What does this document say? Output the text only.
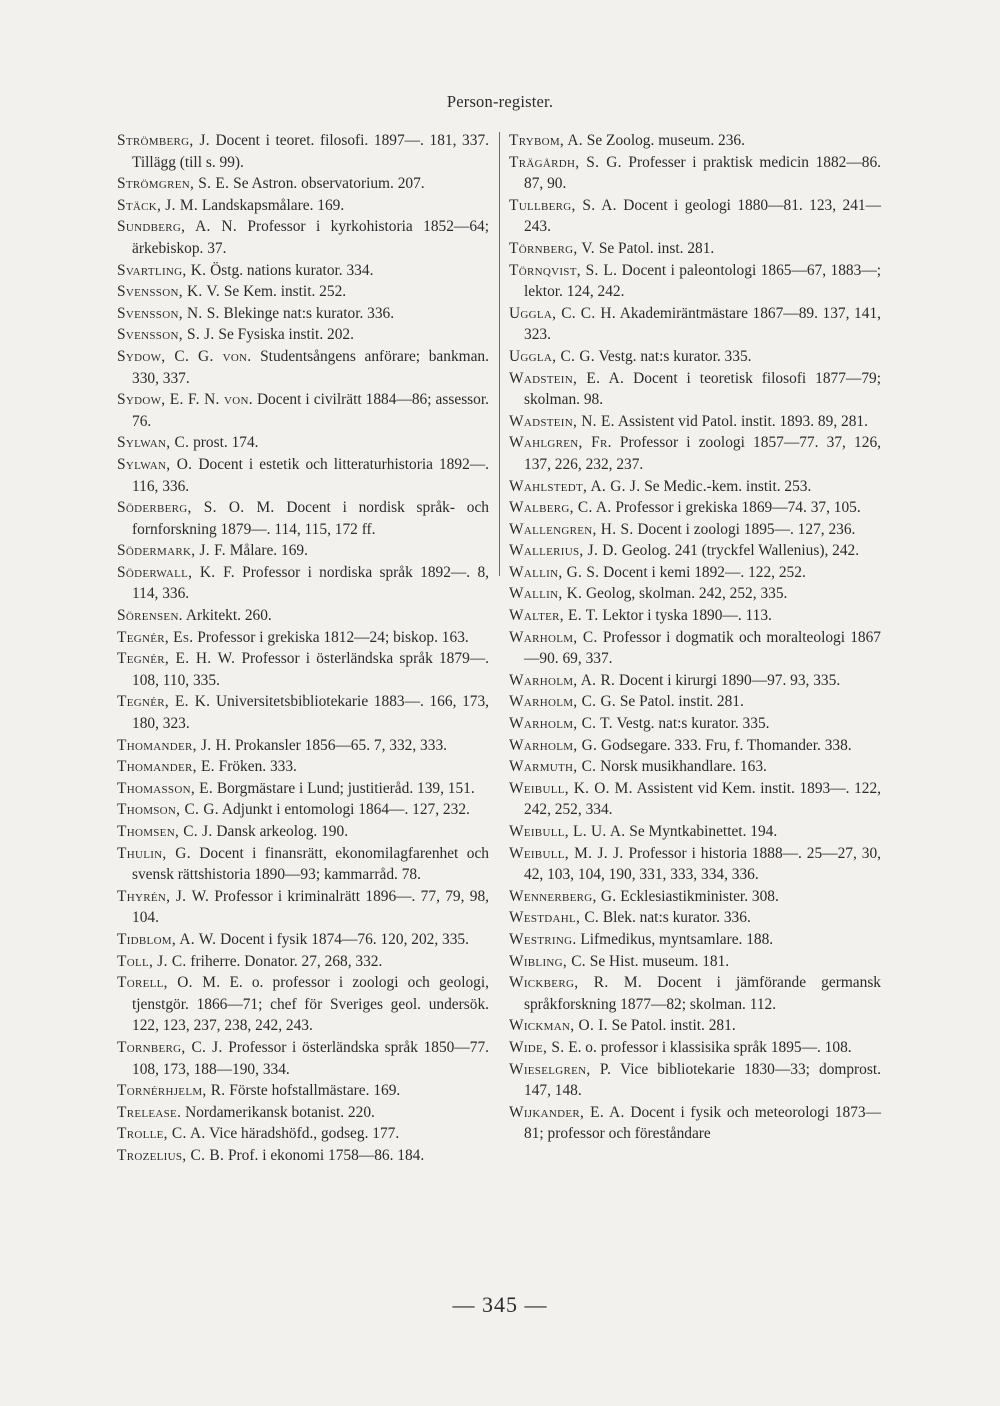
Person-register.

Strömberg, J. Docent i teoret. filosofi. 1897—. 181, 337. Tillägg (till s. 99).

Strömgren, S. E. Se Astron. observatorium. 207.

Stäck, J. M. Landskapsmålare. 169.

Sundberg, A. N. Professor i kyrkohistoria 1852—64; ärkebiskop. 37.

Svartling, K. Östg. nations kurator. 334.

Svensson, K. V. Se Kem. instit. 252.

Svensson, N. S. Blekinge nat:s kurator. 336.

Svensson, S. J. Se Fysiska instit. 202.

Sydow, C. G. von. Studentsångens anförare; bankman. 330, 337.

Sydow, E. F. N. von. Docent i civilrätt 1884—86; assessor. 76.

Sylwan, C. prost. 174.

Sylwan, O. Docent i estetik och litteraturhistoria 1892—. 116, 336.

Söderberg, S. O. M. Docent i nordisk språk- och fornforskning 1879—. 114, 115, 172 ff.

Södermark, J. F. Målare. 169.

Söderwall, K. F. Professor i nordiska språk 1892—. 8, 114, 336.

Sörensen. Arkitekt. 260.

Tegnér, Es. Professor i grekiska 1812—24; biskop. 163.

Tegnér, E. H. W. Professor i österländska språk 1879—. 108, 110, 335.

Tegnér, E. K. Universitetsbibliotekarie 1883—. 166, 173, 180, 323.

Thomander, J. H. Prokansler 1856—65. 7, 332, 333.

Thomander, E. Fröken. 333.

Thomasson, E. Borgmästare i Lund; justitieråd. 139, 151.

Thomson, C. G. Adjunkt i entomologi 1864—. 127, 232.

Thomsen, C. J. Dansk arkeolog. 190.

Thulin, G. Docent i finansrätt, ekonomilagfarenhet och svensk rättshistoria 1890—93; kammarråd. 78.

Thyrén, J. W. Professor i kriminalrätt 1896—. 77, 79, 98, 104.

Tidblom, A. W. Docent i fysik 1874—76. 120, 202, 335.

Toll, J. C. friherre. Donator. 27, 268, 332.

Torell, O. M. E. o. professor i zoologi och geologi, tjenstgör. 1866—71; chef för Sveriges geol. undersök. 122, 123, 237, 238, 242, 243.

Tornberg, C. J. Professor i österländska språk 1850—77. 108, 173, 188—190, 334.

Tornérhjelm, R. Förste hofstallmästare. 169.

Trelease. Nordamerikansk botanist. 220.

Trolle, C. A. Vice häradshöfd., godseg. 177.

Trozelius, C. B. Prof. i ekonomi 1758—86. 184.

Trybom, A. Se Zoolog. museum. 236.

Trägårdh, S. G. Professer i praktisk medicin 1882—86. 87, 90.

Tullberg, S. A. Docent i geologi 1880—81. 123, 241—243.

Törnberg, V. Se Patol. inst. 281.

Törnqvist, S. L. Docent i paleontologi 1865—67, 1883—; lektor. 124, 242.

Uggla, C. C. H. Akademiräntmästare 1867—89. 137, 141, 323.

Uggla, C. G. Vestg. nat:s kurator. 335.

Wadstein, E. A. Docent i teoretisk filosofi 1877—79; skolman. 98.

Wadstein, N. E. Assistent vid Patol. instit. 1893. 89, 281.

Wahlgren, Fr. Professor i zoologi 1857—77. 37, 126, 137, 226, 232, 237.

Wahlstedt, A. G. J. Se Medic.-kem. instit. 253.

Walberg, C. A. Professor i grekiska 1869—74. 37, 105.

Wallengren, H. S. Docent i zoologi 1895—. 127, 236.

Wallerius, J. D. Geolog. 241 (tryckfel Wallenius), 242.

Wallin, G. S. Docent i kemi 1892—. 122, 252.

Wallin, K. Geolog, skolman. 242, 252, 335.

Walter, E. T. Lektor i tyska 1890—. 113.

Warholm, C. Professor i dogmatik och moralteologi 1867—90. 69, 337.

Warholm, A. R. Docent i kirurgi 1890—97. 93, 335.

Warholm, C. G. Se Patol. instit. 281.

Warholm, C. T. Vestg. nat:s kurator. 335.

Warholm, G. Godsegare. 333. Fru, f. Thomander. 338.

Warmuth, C. Norsk musikhandlare. 163.

Weibull, K. O. M. Assistent vid Kem. instit. 1893—. 122, 242, 252, 334.

Weibull, L. U. A. Se Myntkabinettet. 194.

Weibull, M. J. J. Professor i historia 1888—. 25—27, 30, 42, 103, 104, 190, 331, 333, 334, 336.

Wennerberg, G. Ecklesiastikminister. 308.

Westdahl, C. Blek. nat:s kurator. 336.

Westring. Lifmedikus, myntsamlare. 188.

Wibling, C. Se Hist. museum. 181.

Wickberg, R. M. Docent i jämförande germansk språkforskning 1877—82; skolman. 112.

Wickman, O. I. Se Patol. instit. 281.

Wide, S. E. o. professor i klassisika språk 1895—. 108.

Wieselgren, P. Vice bibliotekarie 1830—33; domprost. 147, 148.

Wijkander, E. A. Docent i fysik och meteorologi 1873—81; professor och föreståndare

— 345 —
